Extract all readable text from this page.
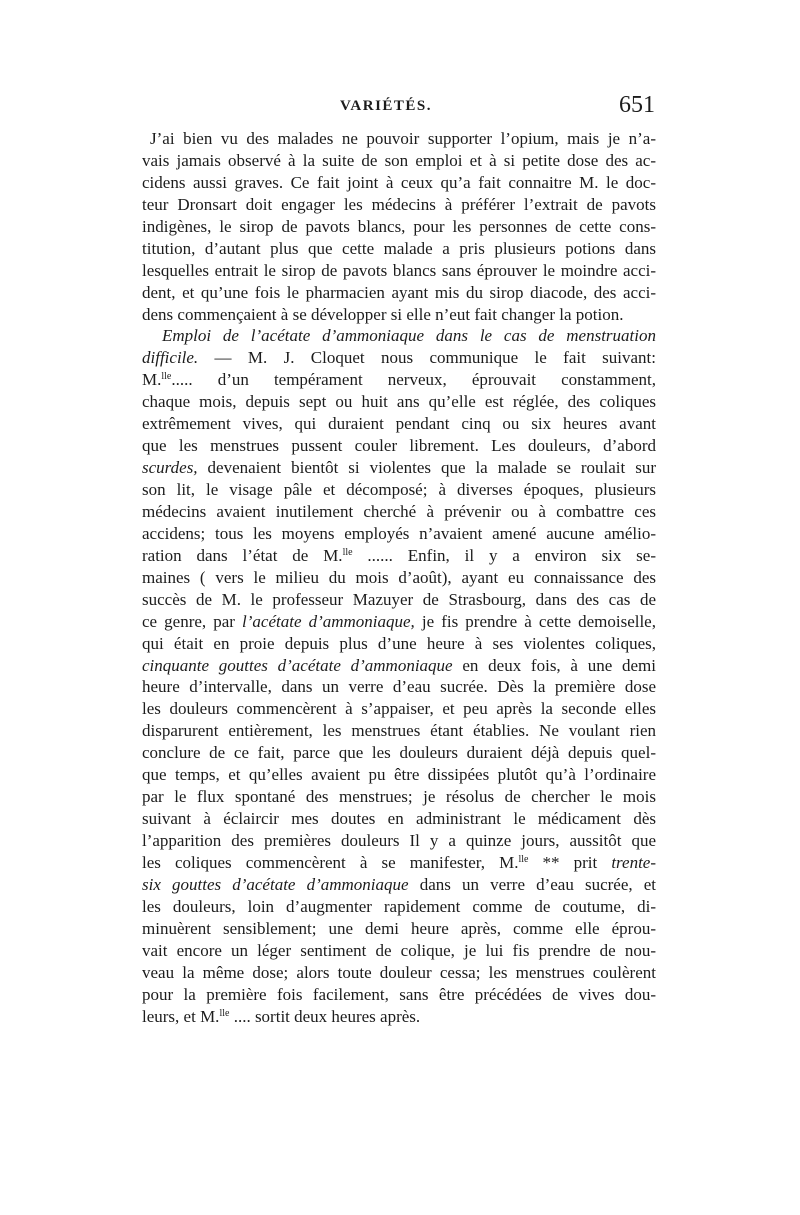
VARIÉTÉS.	651
J’ai bien vu des malades ne pouvoir supporter l’opium, mais je n’a-
vais jamais observé à la suite de son emploi et à si petite dose des ac-
cidens aussi graves. Ce fait joint à ceux qu’a fait connaitre M. le doc-
teur Dronsart doit engager les médecins à préférer l’extrait de pavots
indigènes, le sirop de pavots blancs, pour les personnes de cette cons-
titution, d’autant plus que cette malade a pris plusieurs potions dans
lesquelles entrait le sirop de pavots blancs sans éprouver le moindre acci-
dent, et qu’une fois le pharmacien ayant mis du sirop diacode, des acci-
dens commençaient à se développer si elle n’eut fait changer la potion.
Emploi de l’acétate d’ammoniaque dans le cas de menstruation
difficile. — M. J. Cloquet nous communique le fait suivant:
M.$^{lle}$..... d’un tempérament nerveux, éprouvait constamment,
chaque mois, depuis sept ou huit ans qu’elle est réglée, des coliques
extrêmement vives, qui duraient pendant cinq ou six heures avant
que les menstrues pussent couler librement. Les douleurs, d’abord
scurdes, devenaient bientôt si violentes que la malade se roulait sur
son lit, le visage pâle et décomposé; à diverses époques, plusieurs
médecins avaient inutilement cherché à prévenir ou à combattre ces
accidens; tous les moyens employés n’avaient amené aucune amélio-
ration dans l’état de M.$^{lle}$ ...... Enfin, il y a environ six se-
maines ( vers le milieu du mois d’août), ayant eu connaissance des
succès de M. le professeur Mazuyer de Strasbourg, dans des cas de
ce genre, par l’acétate d’ammoniaque, je fis prendre à cette demoiselle,
qui était en proie depuis plus d’une heure à ses violentes coliques,
cinquante gouttes d’acétate d’ammoniaque en deux fois, à une demi
heure d’intervalle, dans un verre d’eau sucrée. Dès la première dose
les douleurs commencèrent à s’appaiser, et peu après la seconde elles
disparurent entièrement, les menstrues étant établies. Ne voulant rien
conclure de ce fait, parce que les douleurs duraient déjà depuis quel-
que temps, et qu’elles avaient pu être dissipées plutôt qu’à l’ordinaire
par le flux spontané des menstrues; je résolus de chercher le mois
suivant à éclaircir mes doutes en administrant le médicament dès
l’apparition des premières douleurs Il y a quinze jours, aussitôt que
les coliques commencèrent à se manifester, M.$^{lle}$ ** prit trente-
six gouttes d’acétate d’ammoniaque dans un verre d’eau sucrée, et
les douleurs, loin d’augmenter rapidement comme de coutume, di-
minuèrent sensiblement; une demi heure après, comme elle éprou-
vait encore un léger sentiment de colique, je lui fis prendre de nou-
veau la même dose; alors toute douleur cessa; les menstrues coulèrent
pour la première fois facilement, sans être précédées de vives dou-
leurs, et M.$^{lle}$ .... sortit deux heures après.
